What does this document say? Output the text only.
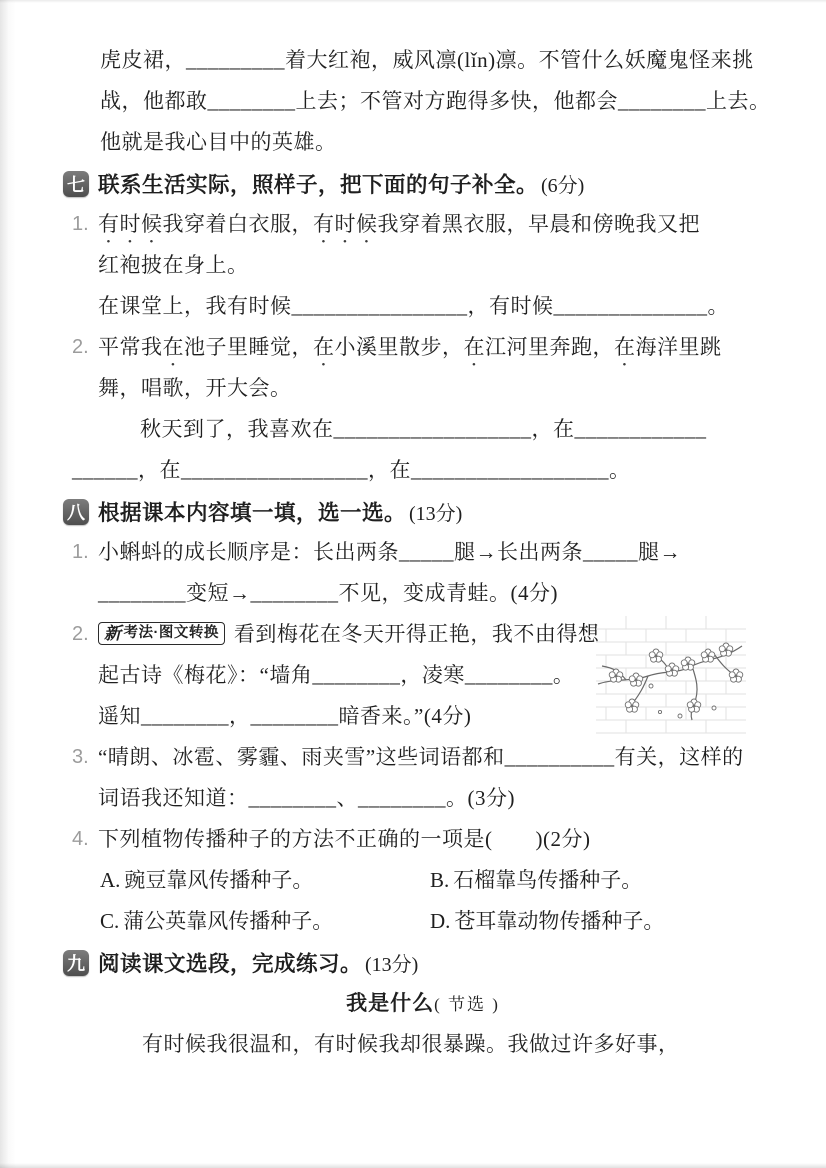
虎皮裙，_________着大红袍，威风凛(lǐn)凛。不管什么妖魔鬼怪来挑
战，他都敢________上去；不管对方跑得多快，他都会________上去。
他就是我心目中的英雄。
七 联系生活实际，照样子，把下面的句子补全。 (6分)
1. 有时候我穿着白衣服，有时候我穿着黑衣服，早晨和傍晚我又把
红袍披在身上。
在课堂上，我有时候________________，有时候______________。
2. 平常我在池子里睡觉，在小溪里散步，在江河里奔跑，在海洋里跳
舞，唱歌，开大会。
秋天到了，我喜欢在__________________，在____________
______，在_________________，在__________________。
八 根据课本内容填一填，选一选。 (13分)
1. 小蝌蚪的成长顺序是：长出两条_____腿→长出两条_____腿→
________变短→________不见，变成青蛙。(4分)
2. 新 考法·图文转换 看到梅花在冬天开得正艳，我不由得想
起古诗《梅花》：“墙角________，凌寒________。
遥知________，________暗香来。”(4分)
3. “晴朗、冰雹、雾霾、雨夹雪”这些词语都和__________有关，这样的
词语我还知道：________、________。(3分)
4. 下列植物传播种子的方法不正确的一项是(　　)(2分)
A. 豌豆靠风传播种子。	B. 石榴靠鸟传播种子。
C. 蒲公英靠风传播种子。	D. 苍耳靠动物传播种子。
九 阅读课文选段，完成练习。 (13分)
我是什么( 节选 )
有时候我很温和，有时候我却很暴躁。我做过许多好事，
